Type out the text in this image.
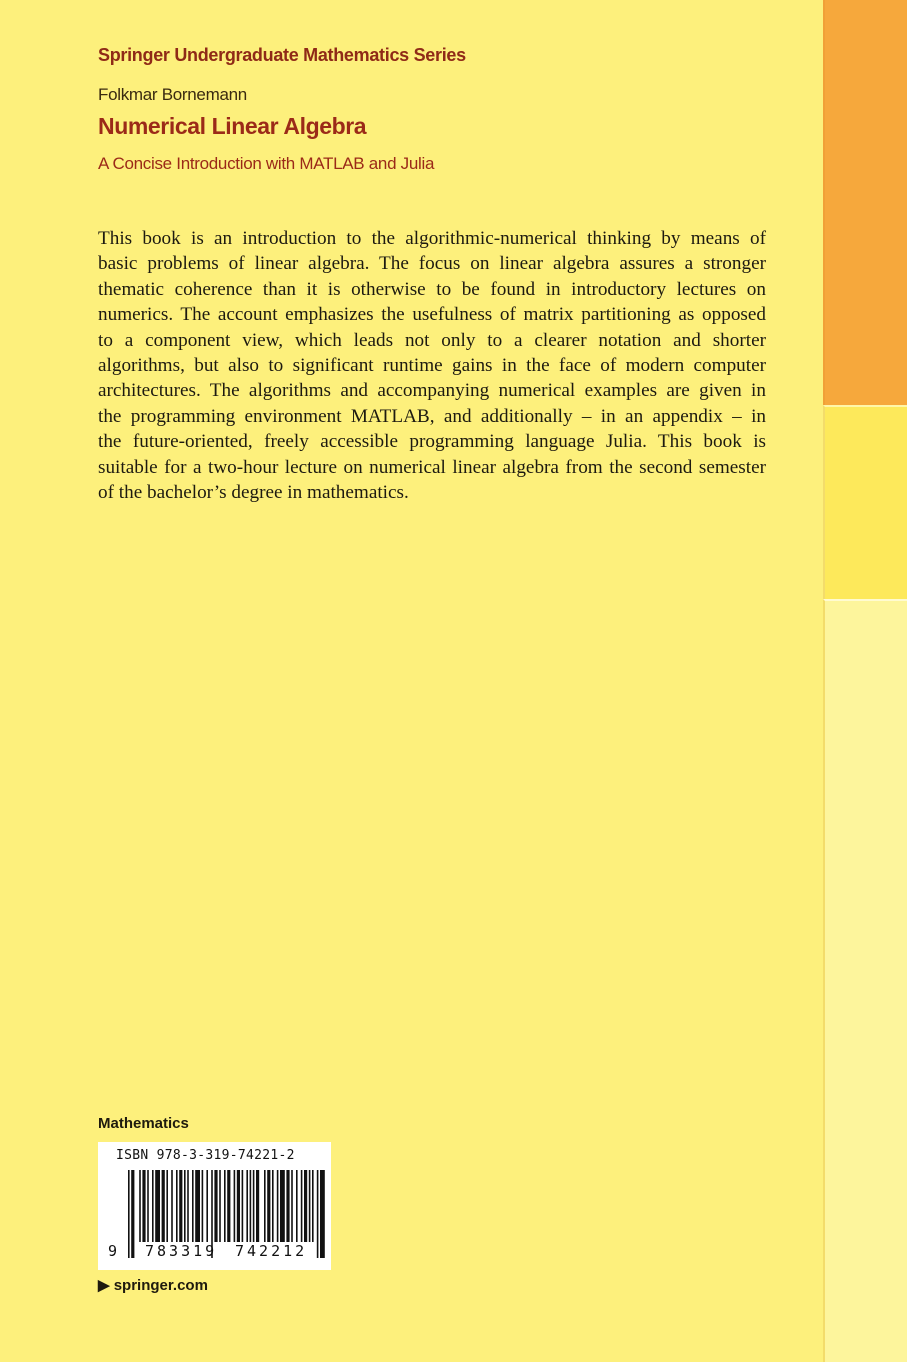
Springer Undergraduate Mathematics Series
Folkmar Bornemann
Numerical Linear Algebra
A Concise Introduction with MATLAB and Julia
This book is an introduction to the algorithmic-numerical thinking by means of
basic problems of linear algebra. The focus on linear algebra assures a stronger
thematic coherence than it is otherwise to be found in introductory lectures on
numerics. The account emphasizes the usefulness of matrix partitioning as opposed
to a component view, which leads not only to a clearer notation and shorter
algorithms, but also to significant runtime gains in the face of modern computer
architectures. The algorithms and accompanying numerical examples are given in
the programming environment MATLAB, and additionally – in an appendix – in
the future-oriented, freely accessible programming language Julia. This book is
suitable for a two-hour lecture on numerical linear algebra from the second semester
of the bachelor’s degree in mathematics.
Mathematics
ISBN 978-3-319-74221-2
9 783319 742212
▶ springer.com
